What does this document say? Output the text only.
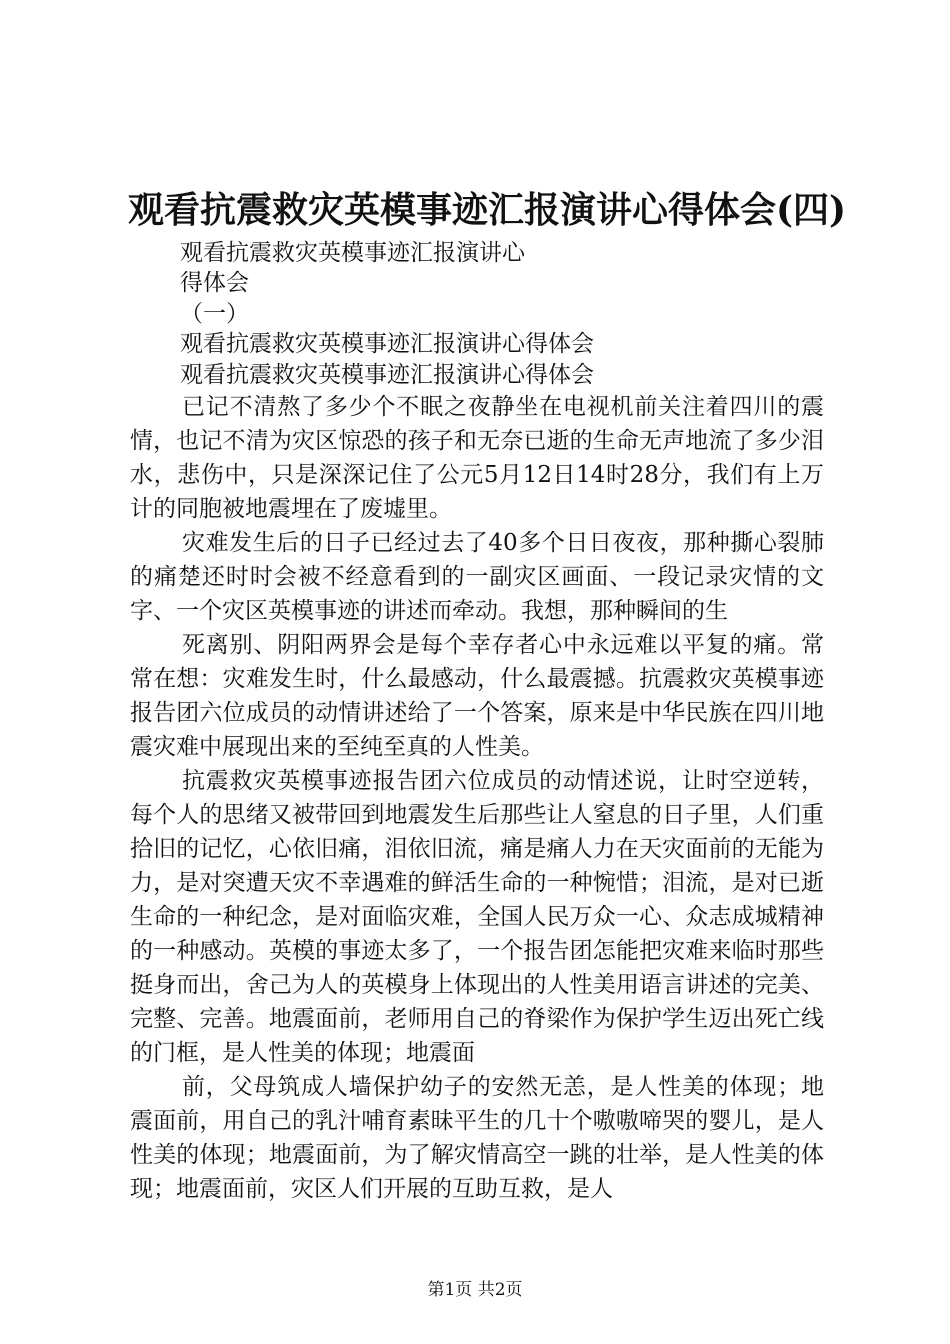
观看抗震救灾英模事迹汇报演讲心得体会(四)
观看抗震救灾英模事迹汇报演讲心
得体会
（一）
观看抗震救灾英模事迹汇报演讲心得体会
观看抗震救灾英模事迹汇报演讲心得体会

已记不清熬了多少个不眠之夜静坐在电视机前关注着四川的震情，也记不清为灾区惊恐的孩子和无奈已逝的生命无声地流了多少泪水，悲伤中，只是深深记住了公元5月12日14时28分，我们有上万计的同胞被地震埋在了废墟里。

灾难发生后的日子已经过去了40多个日日夜夜，那种撕心裂肺的痛楚还时时会被不经意看到的一副灾区画面、一段记录灾情的文字、一个灾区英模事迹的讲述而牵动。我想，那种瞬间的生

死离别、阴阳两界会是每个幸存者心中永远难以平复的痛。常常在想：灾难发生时，什么最感动，什么最震撼。抗震救灾英模事迹报告团六位成员的动情讲述给了一个答案，原来是中华民族在四川地震灾难中展现出来的至纯至真的人性美。

抗震救灾英模事迹报告团六位成员的动情述说，让时空逆转，每个人的思绪又被带回到地震发生后那些让人窒息的日子里，人们重拾旧的记忆，心依旧痛，泪依旧流，痛是痛人力在天灾面前的无能为力，是对突遭天灾不幸遇难的鲜活生命的一种惋惜；泪流，是对已逝生命的一种纪念，是对面临灾难，全国人民万众一心、众志成城精神的一种感动。英模的事迹太多了，一个报告团怎能把灾难来临时那些挺身而出，舍己为人的英模身上体现出的人性美用语言讲述的完美、完整、完善。地震面前，老师用自己的脊梁作为保护学生迈出死亡线的门框，是人性美的体现；地震面

前，父母筑成人墙保护幼子的安然无恙，是人性美的体现；地震面前，用自己的乳汁哺育素昧平生的几十个嗷嗷啼哭的婴儿，是人性美的体现；地震面前，为了解灾情高空一跳的壮举，是人性美的体现；地震面前，灾区人们开展的互助互救，是人

第1页 共2页
